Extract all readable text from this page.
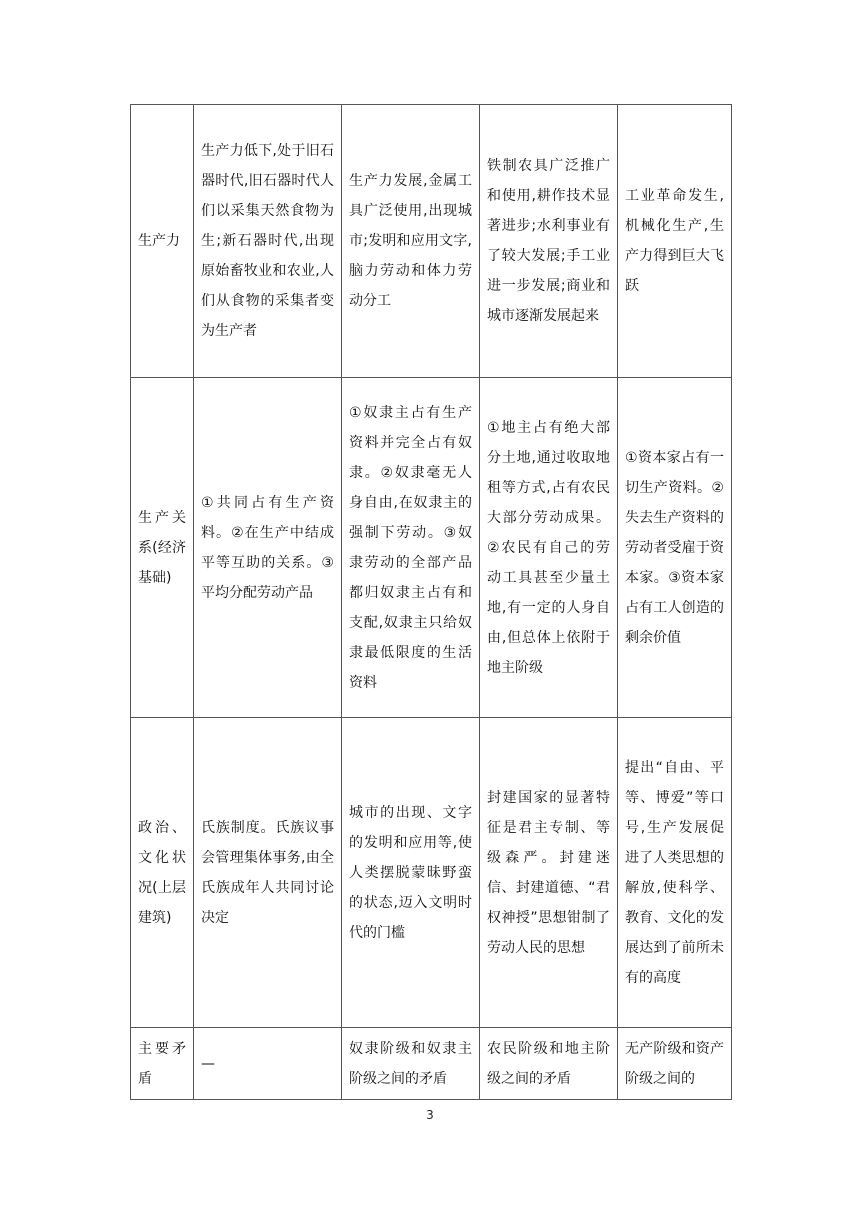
生产力	生产力低下,处于旧石器时代,旧石器时代人们以采集天然食物为生;新石器时代,出现原始畜牧业和农业,人们从食物的采集者变为生产者	生产力发展,金属工具广泛使用,出现城市;发明和应用文字,脑力劳动和体力劳动分工	铁制农具广泛推广和使用,耕作技术显著进步;水利事业有了较大发展;手工业进一步发展;商业和城市逐渐发展起来	工业革命发生,机械化生产,生产力得到巨大飞跃
生产关系(经济基础)	①共同占有生产资料。②在生产中结成平等互助的关系。③平均分配劳动产品	①奴隶主占有生产资料并完全占有奴隶。②奴隶毫无人身自由,在奴隶主的强制下劳动。③奴隶劳动的全部产品都归奴隶主占有和支配,奴隶主只给奴隶最低限度的生活资料	①地主占有绝大部分土地,通过收取地租等方式,占有农民大部分劳动成果。②农民有自己的劳动工具甚至少量土地,有一定的人身自由,但总体上依附于地主阶级	①资本家占有一切生产资料。②失去生产资料的劳动者受雇于资本家。③资本家占有工人创造的剩余价值
政治、文化状况(上层建筑)	氏族制度。氏族议事会管理集体事务,由全氏族成年人共同讨论决定	城市的出现、文字的发明和应用等,使人类摆脱蒙昧野蛮的状态,迈入文明时代的门槛	封建国家的显著特征是君主专制、等级森严。封建迷信、封建道德、“君权神授”思想钳制了劳动人民的思想	提出“自由、平等、博爱”等口号,生产发展促进了人类思想的解放,使科学、教育、文化的发展达到了前所未有的高度
主要矛盾	—	奴隶阶级和奴隶主阶级之间的矛盾	农民阶级和地主阶级之间的矛盾	无产阶级和资产阶级之间的
3
